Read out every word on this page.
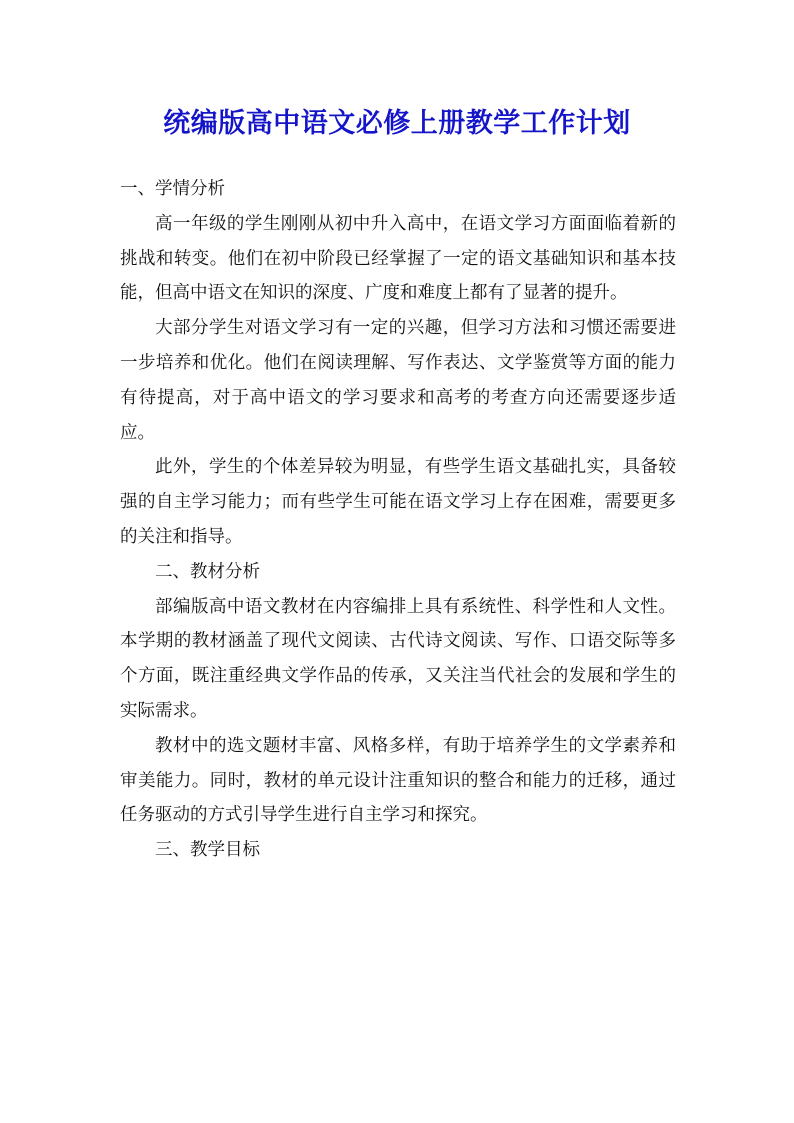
统编版高中语文必修上册教学工作计划

一、学情分析

高一年级的学生刚刚从初中升入高中，在语文学习方面面临着新的挑战和转变。他们在初中阶段已经掌握了一定的语文基础知识和基本技能，但高中语文在知识的深度、广度和难度上都有了显著的提升。

大部分学生对语文学习有一定的兴趣，但学习方法和习惯还需要进一步培养和优化。他们在阅读理解、写作表达、文学鉴赏等方面的能力有待提高，对于高中语文的学习要求和高考的考查方向还需要逐步适应。

此外，学生的个体差异较为明显，有些学生语文基础扎实，具备较强的自主学习能力；而有些学生可能在语文学习上存在困难，需要更多的关注和指导。

二、教材分析

部编版高中语文教材在内容编排上具有系统性、科学性和人文性。本学期的教材涵盖了现代文阅读、古代诗文阅读、写作、口语交际等多个方面，既注重经典文学作品的传承，又关注当代社会的发展和学生的实际需求。

教材中的选文题材丰富、风格多样，有助于培养学生的文学素养和审美能力。同时，教材的单元设计注重知识的整合和能力的迁移，通过任务驱动的方式引导学生进行自主学习和探究。

三、教学目标
